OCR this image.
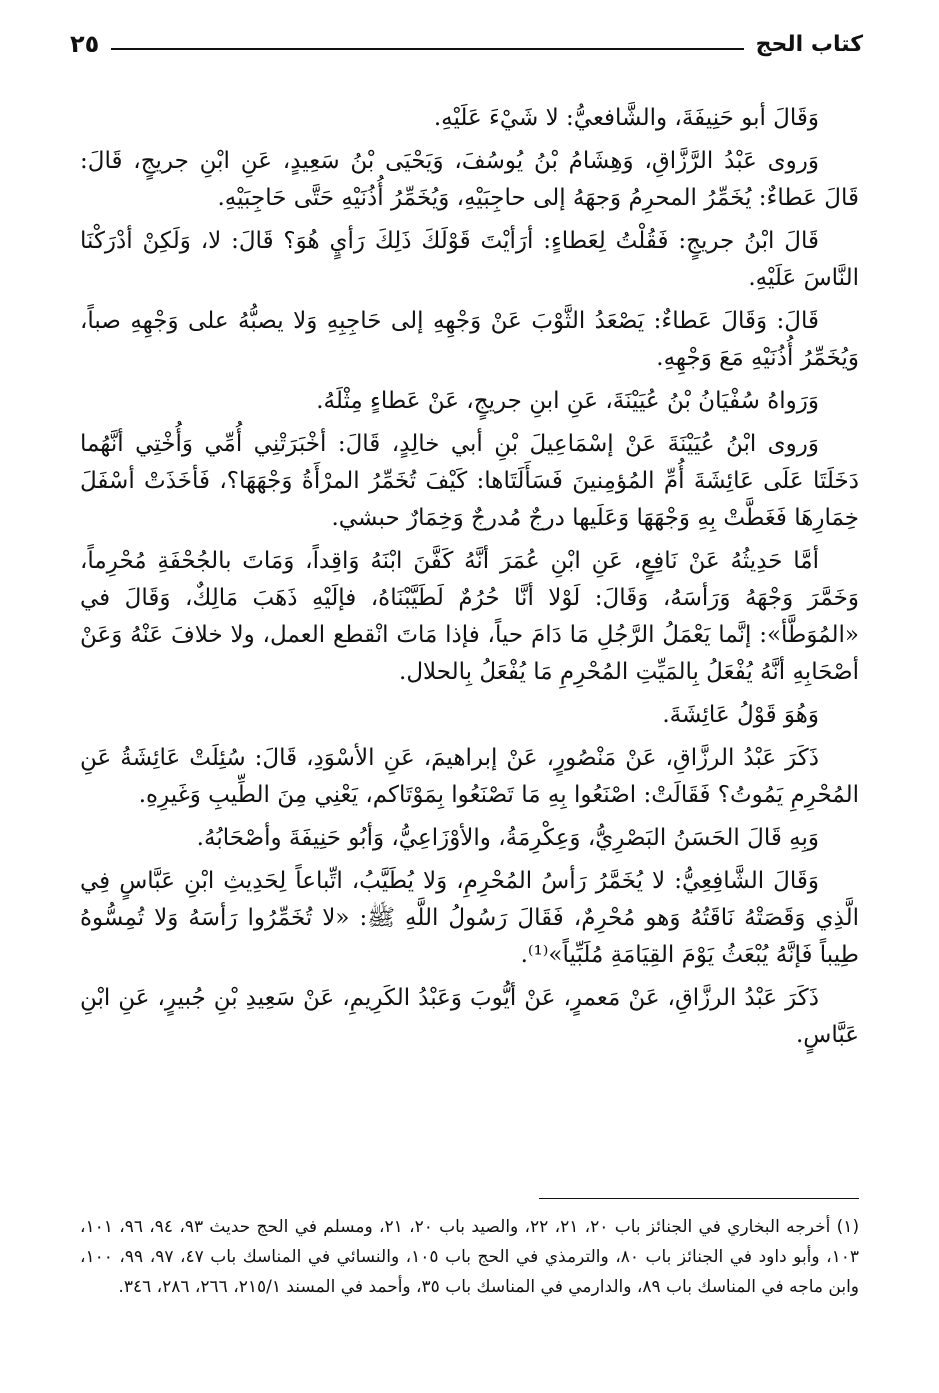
كتاب الحج
٢٥

وَقَالَ أبو حَنِيفَةَ، والشَّافعيُّ: لا شَيْءَ عَلَيْهِ.

وَروى عَبْدُ الرَّزَّاقِ، وَهِشَامُ بْنُ يُوسُفَ، وَيَحْيَى بْنُ سَعِيدٍ، عَنِ ابْنِ جريجٍ، قَالَ: قَالَ عَطاءٌ: يُخَمِّرُ المحرِمُ وَجهَهُ إلى حاجِبَيْهِ، وَيُخَمِّرُ أُذُنَيْهِ حَتَّى حَاجِبَيْهِ.

قَالَ ابْنُ جريجٍ: فَقُلْتُ لِعَطاءٍ: أرَأيْتَ قَوْلَكَ ذَلِكَ رَأيٍ هُوَ؟ قَالَ: لا، وَلَكِنْ أدْرَكْنَا النَّاسَ عَلَيْهِ.

قَالَ: وَقَالَ عَطاءٌ: يَصْعَدُ الثَّوْبَ عَنْ وَجْهِهِ إلى حَاجِبِهِ وَلا يصبُّهُ على وَجْهِهِ صباً، وَيُخَمِّرُ أُذُنَيْهِ مَعَ وَجْهِهِ.

وَرَواهُ سُفْيَانُ بْنُ عُيَيْنَةَ، عَنِ ابنِ جريجٍ، عَنْ عَطاءٍ مِثْلَهُ.

وَروى ابْنُ عُيَيْنَةَ عَنْ إسْمَاعِيلَ بْنِ أبي خالِدٍ، قَالَ: أخْبَرَتْنِي أُمِّي وَأُخْتِي أنَّهُما دَخَلَتَا عَلَى عَائِشَةَ أُمِّ المُؤمِنينَ فَسَأَلَتَاها: كَيْفَ تُخَمِّرُ المرْأَةُ وَجْهَهَا؟، فَأخَذَتْ أسْفَلَ خِمَارِهَا فَغَطَّتْ بِهِ وَجْهَهَا وَعَلَيها درجٌ مُدرجٌ وَخِمَارٌ حبشي.

أمَّا حَدِيثُهُ عَنْ نَافِعٍ، عَنِ ابْنِ عُمَرَ أنَّهُ كَفَّنَ ابْنَهُ وَاقِداً، وَمَاتَ بالجُحْفَةِ مُحْرِماً، وَخَمَّرَ وَجْهَهُ وَرَأسَهُ، وَقَالَ: لَوْلا أنَّا حُرُمٌ لَطَيَّبْنَاهُ، فإلَيْهِ ذَهَبَ مَالِكٌ، وَقَالَ في «المُوَطَّأ»: إنَّما يَعْمَلُ الرَّجُلِ مَا دَامَ حياً، فإذا مَاتَ انْقطع العمل، ولا خلافَ عَنْهُ وَعَنْ أصْحَابِهِ أنَّهُ يُفْعَلُ بِالمَيِّتِ المُحْرِمِ مَا يُفْعَلُ بِالحلال.

وَهُوَ قَوْلُ عَائِشَةَ.

ذَكَرَ عَبْدُ الرزَّاقِ، عَنْ مَنْصُورٍ، عَنْ إبراهيمَ، عَنِ الأسْوَدِ، قَالَ: سُئِلَتْ عَائِشَةُ عَنِ المُحْرِمِ يَمُوتُ؟ فَقَالَتْ: اصْنَعُوا بِهِ مَا تَصْنَعُوا بِمَوْتَاكم، يَعْنِي مِنَ الطِّيبِ وَغَيرِهِ.

وَبِهِ قَالَ الحَسَنُ البَصْرِيُّ، وَعِكْرِمَةُ، والأوْزَاعِيُّ، وَأبُو حَنِيفَةَ وأصْحَابُهُ.

وَقَالَ الشَّافِعِيُّ: لا يُخَمَّرُ رَأسُ المُحْرِمِ، وَلا يُطَيَّبُ، اتِّباعاً لِحَدِيثِ ابْنِ عَبَّاسٍ فِي الَّذِي وَقَصَتْهُ نَاقَتُهُ وَهو مُحْرِمٌ، فَقَالَ رَسُولُ اللَّهِ ﷺ: «لا تُخَمِّرُوا رَأسَهُ وَلا تُمِسُّوهُ طِيباً فَإنَّهُ يُبْعَثُ يَوْمَ القِيَامَةِ مُلَبِّياً»⁽¹⁾.

ذَكَرَ عَبْدُ الرزَّاقِ، عَنْ مَعمرٍ، عَنْ أيُّوبَ وَعَبْدُ الكَرِيمِ، عَنْ سَعِيدِ بْنِ جُبيرٍ، عَنِ ابْنِ عَبَّاسٍ.

(١) أخرجه البخاري في الجنائز باب ٢٠، ٢١، ٢٢، والصيد باب ٢٠، ٢١، ومسلم في الحج حديث ٩٣، ٩٤، ٩٦، ١٠١، ١٠٣، وأبو داود في الجنائز باب ٨٠، والترمذي في الحج باب ١٠٥، والنسائي في المناسك باب ٤٧، ٩٧، ٩٩، ١٠٠، وابن ماجه في المناسك باب ٨٩، والدارمي في المناسك باب ٣٥، وأحمد في المسند ٢١٥/١، ٢٦٦، ٢٨٦، ٣٤٦.
